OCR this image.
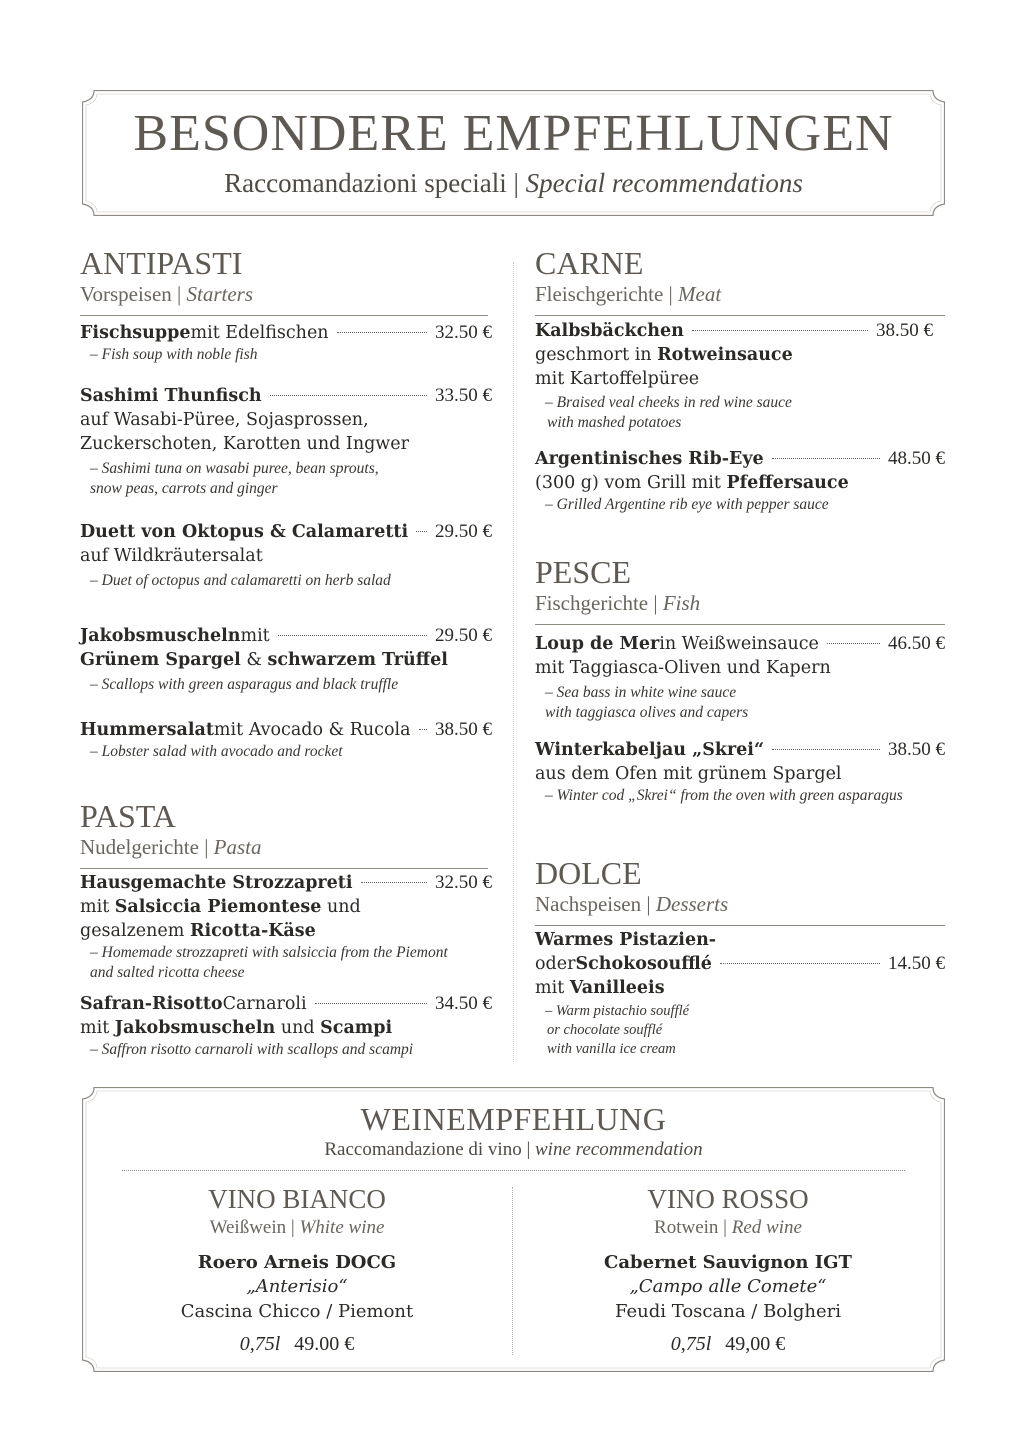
BESONDERE EMPFEHLUNGEN
Raccomandazioni speciali | Special recommendations
ANTIPASTI
Vorspeisen | Starters
Fischsuppe mit Edelfischen	32.50 €
– Fish soup with noble fish
Sashimi Thunfisch	33.50 €
auf Wasabi-Püree, Sojasprossen,
Zuckerschoten, Karotten und Ingwer
– Sashimi tuna on wasabi puree, bean sprouts,
snow peas, carrots and ginger
Duett von Oktopus & Calamaretti 29.50 €
auf Wildkräutersalat
– Duet of octopus and calamaretti on herb salad
Jakobsmuscheln mit	29.50 €
Grünem Spargel & schwarzem Trüffel
– Scallops with green asparagus and black truffle
Hummersalat mit Avocado & Rucola 38.50 €
– Lobster salad with avocado and rocket
PASTA
Nudelgerichte | Pasta
Hausgemachte Strozzapreti	32.50 €
mit Salsiccia Piemontese und
gesalzenem Ricotta-Käse
– Homemade strozzapreti with salsiccia from the Piemont
and salted ricotta cheese
Safran-Risotto Carnaroli	34.50 €
mit Jakobsmuscheln und Scampi
– Saffron risotto carnaroli with scallops and scampi
CARNE
Fleischgerichte | Meat
Kalbsbäckchen	38.50 €
geschmort in Rotweinsauce
mit Kartoffelpüree
– Braised veal cheeks in red wine sauce
with mashed potatoes
Argentinisches Rib-Eye	48.50 €
(300 g) vom Grill mit Pfeffersauce
– Grilled Argentine rib eye with pepper sauce
PESCE
Fischgerichte | Fish
Loup de Mer in Weißweinsauce	46.50 €
mit Taggiasca-Oliven und Kapern
– Sea bass in white wine sauce
with taggiasca olives and capers
Winterkabeljau „Skrei“	38.50 €
aus dem Ofen mit grünem Spargel
– Winter cod „Skrei“ from the oven with green asparagus
DOLCE
Nachspeisen | Desserts
Warmes Pistazien-
oder Schokosoufflé	14.50 €
mit Vanilleeis
– Warm pistachio soufflé
or chocolate soufflé
with vanilla ice cream
WEINEMPFEHLUNG
Raccomandazione di vino | wine recommendation
VINO BIANCO
Weißwein | White wine
Roero Arneis DOCG
„Anterisio“
Cascina Chicco / Piemont
0,75l 49.00 €
VINO ROSSO
Rotwein | Red wine
Cabernet Sauvignon IGT
„Campo alle Comete“
Feudi Toscana / Bolgheri
0,75l 49,00 €
